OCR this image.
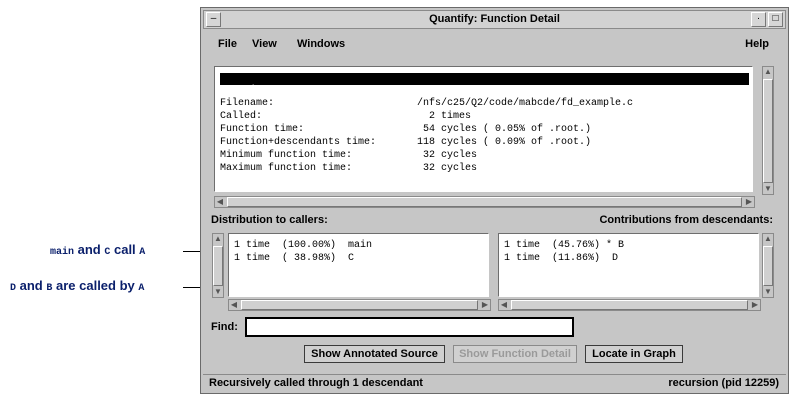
main and C call A
D and B are called by A
–	Quantify: Function Detail	·	□
File View Windows	Help

Function name:	A

Filename:	/nfs/c25/Q2/code/mabcde/fd_example.c

Called:	2 times

Function time:	54 cycles ( 0.05% of .root.)

Function+descendants time:	118 cycles ( 0.09% of .root.)

Minimum function time:	32 cycles

Maximum function time:	32 cycles

▲
▼
◀	▶
Distribution to callers:	Contributions from descendants:
▲
▼
1 time  (100.00%)  main
1 time  ( 38.98%)  C
◀	▶
1 time  (45.76%) * B
1 time  (11.86%)  D
▲
▼
◀	▶
Find:
Show Annotated Source	Show Function Detail	Locate in Graph
Recursively called through 1 descendant	recursion (pid 12259)
